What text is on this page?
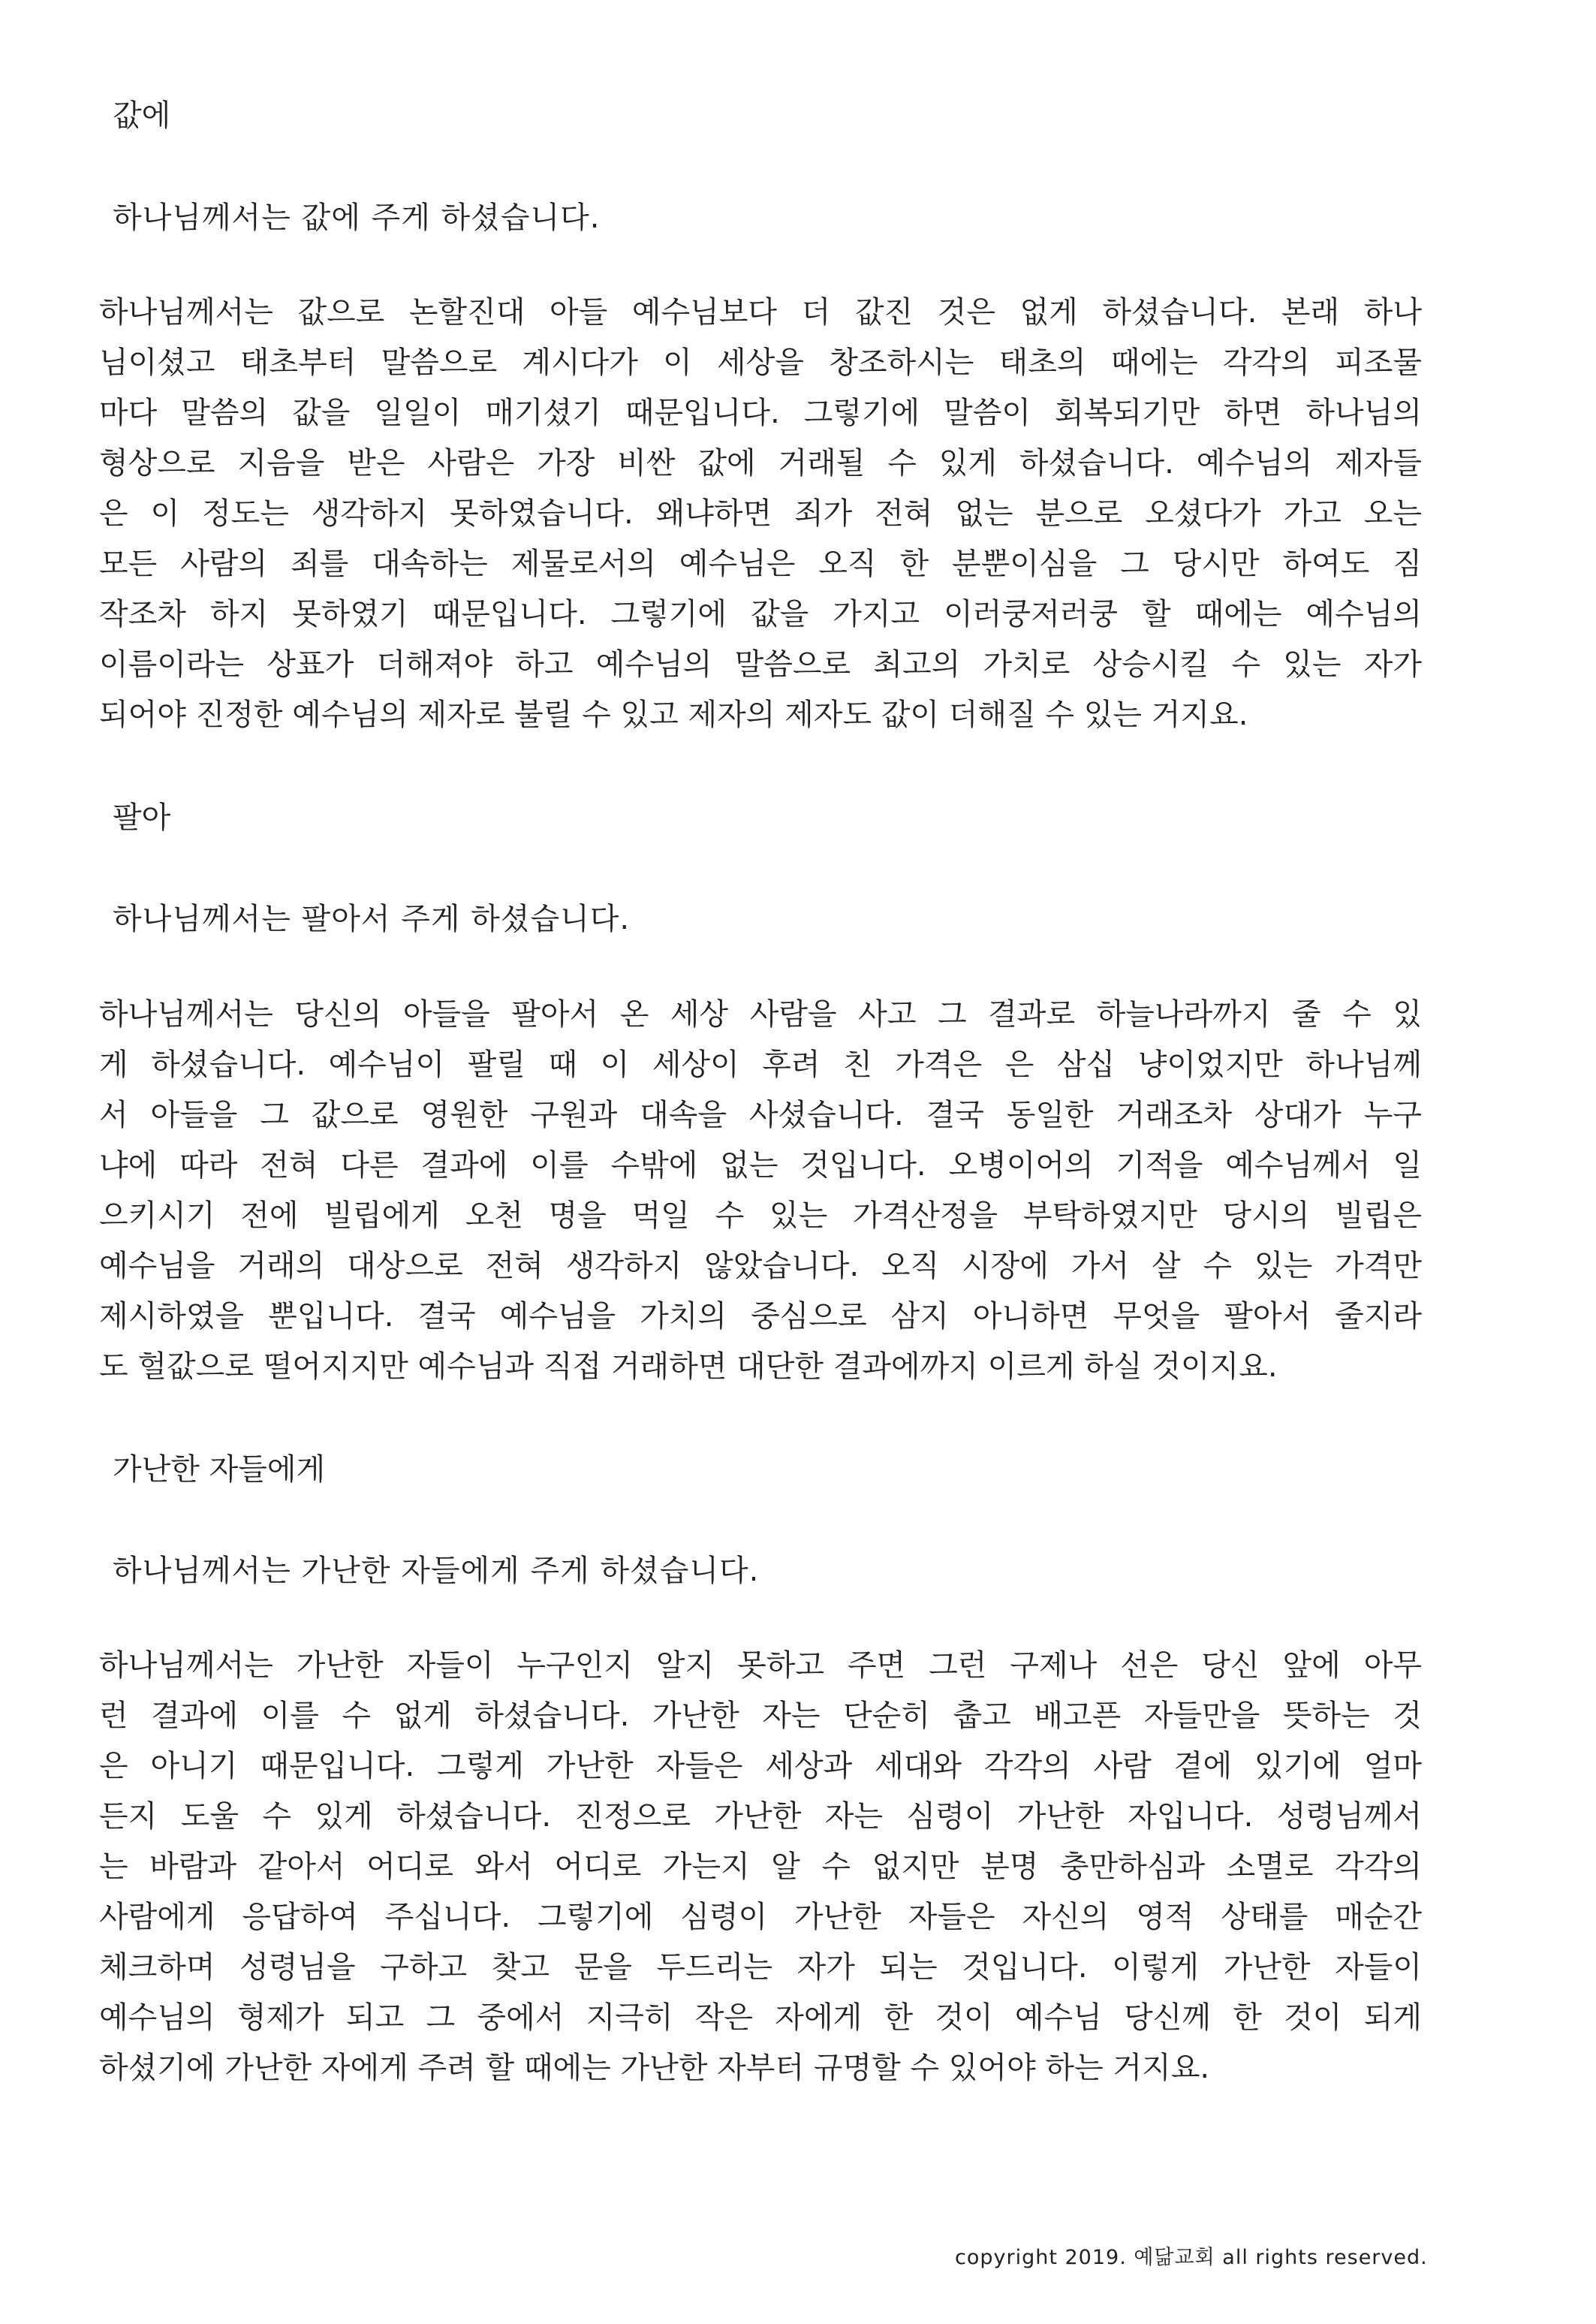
값에
하나님께서는 값에 주게 하셨습니다.
하나님께서는 값으로 논할진대 아들 예수님보다 더 값진 것은 없게 하셨습니다. 본래 하나
님이셨고 태초부터 말씀으로 계시다가 이 세상을 창조하시는 태초의 때에는 각각의 피조물
마다 말씀의 값을 일일이 매기셨기 때문입니다. 그렇기에 말씀이 회복되기만 하면 하나님의
형상으로 지음을 받은 사람은 가장 비싼 값에 거래될 수 있게 하셨습니다. 예수님의 제자들
은 이 정도는 생각하지 못하였습니다. 왜냐하면 죄가 전혀 없는 분으로 오셨다가 가고 오는
모든 사람의 죄를 대속하는 제물로서의 예수님은 오직 한 분뿐이심을 그 당시만 하여도 짐
작조차 하지 못하였기 때문입니다. 그렇기에 값을 가지고 이러쿵저러쿵 할 때에는 예수님의
이름이라는 상표가 더해져야 하고 예수님의 말씀으로 최고의 가치로 상승시킬 수 있는 자가
되어야 진정한 예수님의 제자로 불릴 수 있고 제자의 제자도 값이 더해질 수 있는 거지요.
팔아
하나님께서는 팔아서 주게 하셨습니다.
하나님께서는 당신의 아들을 팔아서 온 세상 사람을 사고 그 결과로 하늘나라까지 줄 수 있
게 하셨습니다. 예수님이 팔릴 때 이 세상이 후려 친 가격은 은 삼십 냥이었지만 하나님께
서 아들을 그 값으로 영원한 구원과 대속을 사셨습니다. 결국 동일한 거래조차 상대가 누구
냐에 따라 전혀 다른 결과에 이를 수밖에 없는 것입니다. 오병이어의 기적을 예수님께서 일
으키시기 전에 빌립에게 오천 명을 먹일 수 있는 가격산정을 부탁하였지만 당시의 빌립은
예수님을 거래의 대상으로 전혀 생각하지 않았습니다. 오직 시장에 가서 살 수 있는 가격만
제시하였을 뿐입니다. 결국 예수님을 가치의 중심으로 삼지 아니하면 무엇을 팔아서 줄지라
도 헐값으로 떨어지지만 예수님과 직접 거래하면 대단한 결과에까지 이르게 하실 것이지요.
가난한 자들에게
하나님께서는 가난한 자들에게 주게 하셨습니다.
하나님께서는 가난한 자들이 누구인지 알지 못하고 주면 그런 구제나 선은 당신 앞에 아무
런 결과에 이를 수 없게 하셨습니다. 가난한 자는 단순히 춥고 배고픈 자들만을 뜻하는 것
은 아니기 때문입니다. 그렇게 가난한 자들은 세상과 세대와 각각의 사람 곁에 있기에 얼마
든지 도울 수 있게 하셨습니다. 진정으로 가난한 자는 심령이 가난한 자입니다. 성령님께서
는 바람과 같아서 어디로 와서 어디로 가는지 알 수 없지만 분명 충만하심과 소멸로 각각의
사람에게 응답하여 주십니다. 그렇기에 심령이 가난한 자들은 자신의 영적 상태를 매순간
체크하며 성령님을 구하고 찾고 문을 두드리는 자가 되는 것입니다. 이렇게 가난한 자들이
예수님의 형제가 되고 그 중에서 지극히 작은 자에게 한 것이 예수님 당신께 한 것이 되게
하셨기에 가난한 자에게 주려 할 때에는 가난한 자부터 규명할 수 있어야 하는 거지요.
copyright 2019. 예닮교회 all rights reserved.
